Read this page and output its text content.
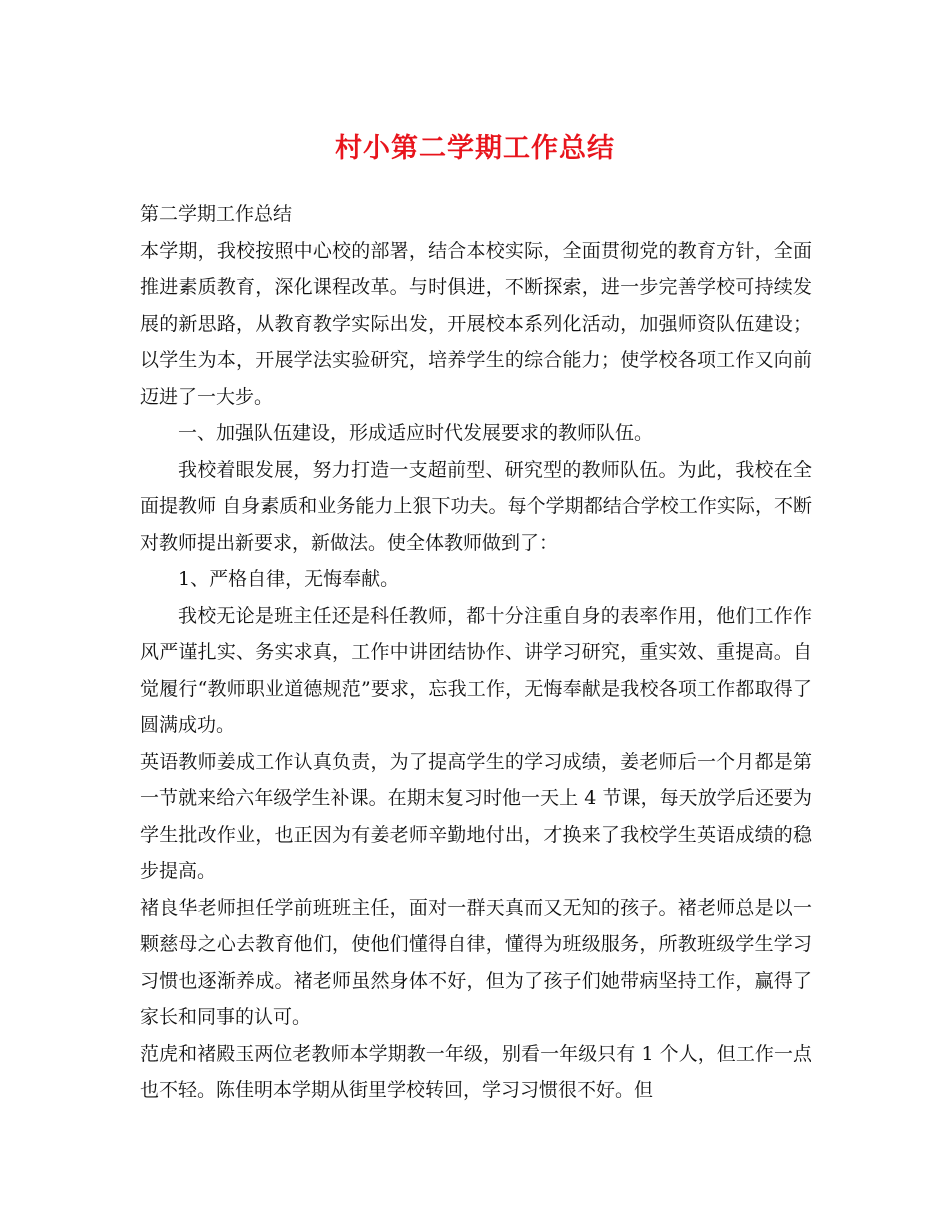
村小第二学期工作总结

第二学期工作总结

本学期，我校按照中心校的部署，结合本校实际，全面贯彻党的教育方针，全面推进素质教育，深化课程改革。与时俱进，不断探索，进一步完善学校可持续发展的新思路，从教育教学实际出发，开展校本系列化活动，加强师资队伍建设；以学生为本，开展学法实验研究，培养学生的综合能力；使学校各项工作又向前迈进了一大步。

一、加强队伍建设，形成适应时代发展要求的教师队伍。

我校着眼发展，努力打造一支超前型、研究型的教师队伍。为此，我校在全面提教师 自身素质和业务能力上狠下功夫。每个学期都结合学校工作实际，不断对教师提出新要求，新做法。使全体教师做到了：

1、严格自律，无悔奉献。

我校无论是班主任还是科任教师，都十分注重自身的表率作用，他们工作作风严谨扎实、务实求真，工作中讲团结协作、讲学习研究，重实效、重提高。自觉履行“教师职业道德规范”要求，忘我工作，无悔奉献是我校各项工作都取得了圆满成功。

英语教师姜成工作认真负责，为了提高学生的学习成绩，姜老师后一个月都是第一节就来给六年级学生补课。在期末复习时他一天上 4 节课，每天放学后还要为学生批改作业，也正因为有姜老师辛勤地付出，才换来了我校学生英语成绩的稳步提高。

褚良华老师担任学前班班主任，面对一群天真而又无知的孩子。褚老师总是以一颗慈母之心去教育他们，使他们懂得自律，懂得为班级服务，所教班级学生学习习惯也逐渐养成。褚老师虽然身体不好，但为了孩子们她带病坚持工作，赢得了家长和同事的认可。

范虎和褚殿玉两位老教师本学期教一年级，别看一年级只有 1 个人，但工作一点也不轻。陈佳明本学期从街里学校转回，学习习惯很不好。但
